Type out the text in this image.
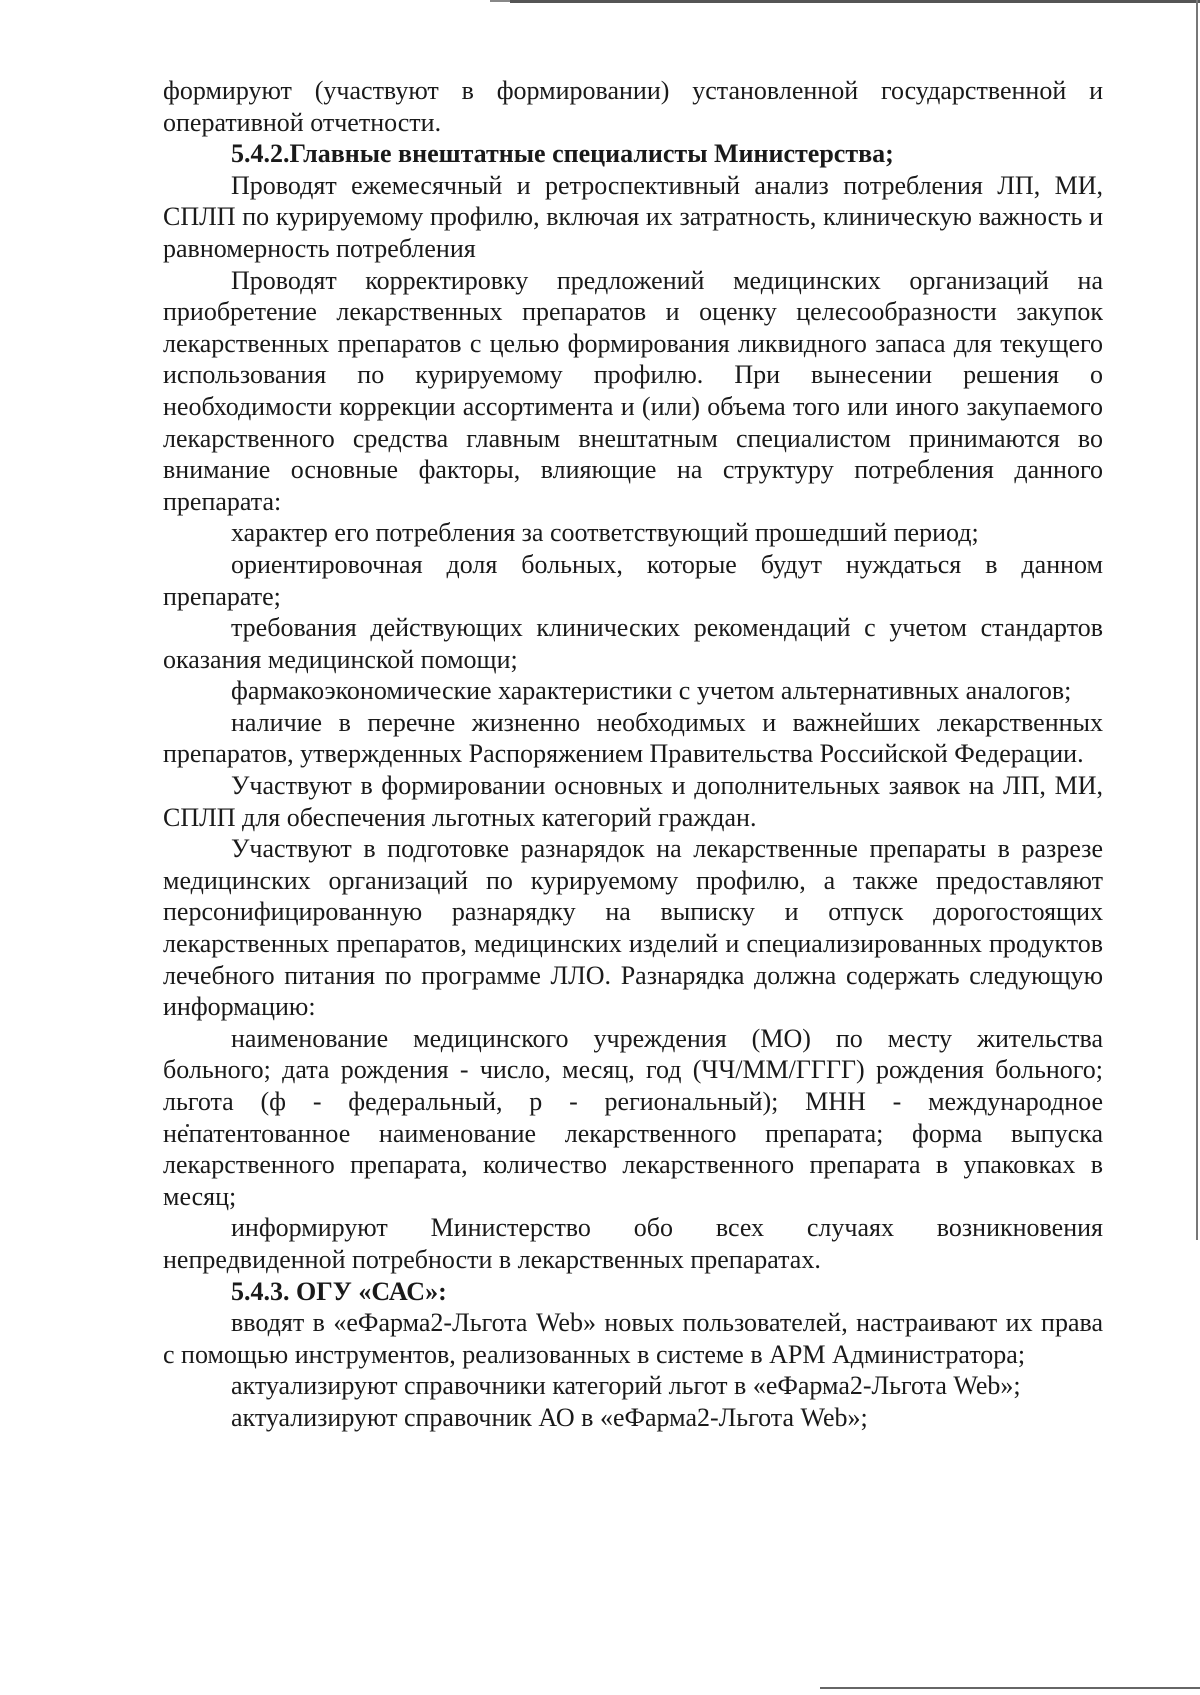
формируют (участвуют в формировании) установленной государственной и оперативной отчетности.

5.4.2.Главные внештатные специалисты Министерства;

Проводят ежемесячный и ретроспективный анализ потребления ЛП, МИ, СПЛП по курируемому профилю, включая их затратность, клиническую важность и равномерность потребления

Проводят корректировку предложений медицинских организаций на приобретение лекарственных препаратов и оценку целесообразности закупок лекарственных препаратов с целью формирования ликвидного запаса для текущего использования по курируемому профилю. При вынесении решения о необходимости коррекции ассортимента и (или) объема того или иного закупаемого лекарственного средства главным внештатным специалистом принимаются во внимание основные факторы, влияющие на структуру потребления данного препарата:

характер его потребления за соответствующий прошедший период;

ориентировочная доля больных, которые будут нуждаться в данном препарате;

требования действующих клинических рекомендаций с учетом стандартов оказания медицинской помощи;

фармакоэкономические характеристики с учетом альтернативных аналогов;

наличие в перечне жизненно необходимых и важнейших лекарственных препаратов, утвержденных Распоряжением Правительства Российской Федерации.

Участвуют в формировании основных и дополнительных заявок на ЛП, МИ, СПЛП для обеспечения льготных категорий граждан.

Участвуют в подготовке разнарядок на лекарственные препараты в разрезе медицинских организаций по курируемому профилю, а также предоставляют персонифицированную разнарядку на выписку и отпуск дорогостоящих лекарственных препаратов, медицинских изделий и специализированных продуктов лечебного питания по программе ЛЛО. Разнарядка должна содержать следующую информацию:

наименование медицинского учреждения (МО) по месту жительства больного; дата рождения - число, месяц, год (ЧЧ/ММ/ГГГГ) рождения больного; льгота (ф - федеральный, р - региональный); МНН - международное непатентованное наименование лекарственного препарата; форма выпуска лекарственного препарата, количество лекарственного препарата в упаковках в месяц;

информируют Министерство обо всех случаях возникновения непредвиденной потребности в лекарственных препаратах.

5.4.3. ОГУ «САС»:

вводят в «еФарма2-Льгота Web» новых пользователей, настраивают их права с помощью инструментов, реализованных в системе в АРМ Администратора;

актуализируют справочники категорий льгот в «еФарма2-Льгота Web»;

актуализируют справочник АО в «еФарма2-Льгота Web»;
